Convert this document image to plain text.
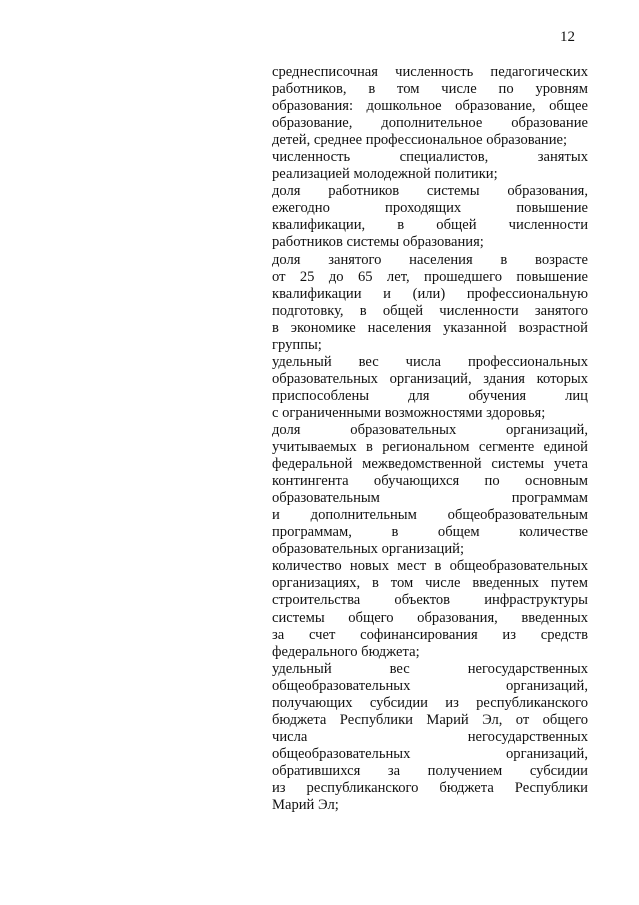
12
среднесписочная численность педагогических
работников, в том числе по уровням
образования: дошкольное образование, общее
образование, дополнительное образование
детей, среднее профессиональное образование;
численность специалистов, занятых
реализацией молодежной политики;
доля работников системы образования,
ежегодно проходящих повышение
квалификации, в общей численности
работников системы образования;
доля занятого населения в возрасте
от 25 до 65 лет, прошедшего повышение
квалификации и (или) профессиональную
подготовку, в общей численности занятого
в экономике населения указанной возрастной
группы;
удельный вес числа профессиональных
образовательных организаций, здания которых
приспособлены для обучения лиц
с ограниченными возможностями здоровья;
доля образовательных организаций,
учитываемых в региональном сегменте единой
федеральной межведомственной системы учета
контингента обучающихся по основным
образовательным программам
и дополнительным общеобразовательным
программам, в общем количестве
образовательных организаций;
количество новых мест в общеобразовательных
организациях, в том числе введенных путем
строительства объектов инфраструктуры
системы общего образования, введенных
за счет софинансирования из средств
федерального бюджета;
удельный вес негосударственных
общеобразовательных организаций,
получающих субсидии из республиканского
бюджета Республики Марий Эл, от общего
числа негосударственных
общеобразовательных организаций,
обратившихся за получением субсидии
из республиканского бюджета Республики
Марий Эл;
